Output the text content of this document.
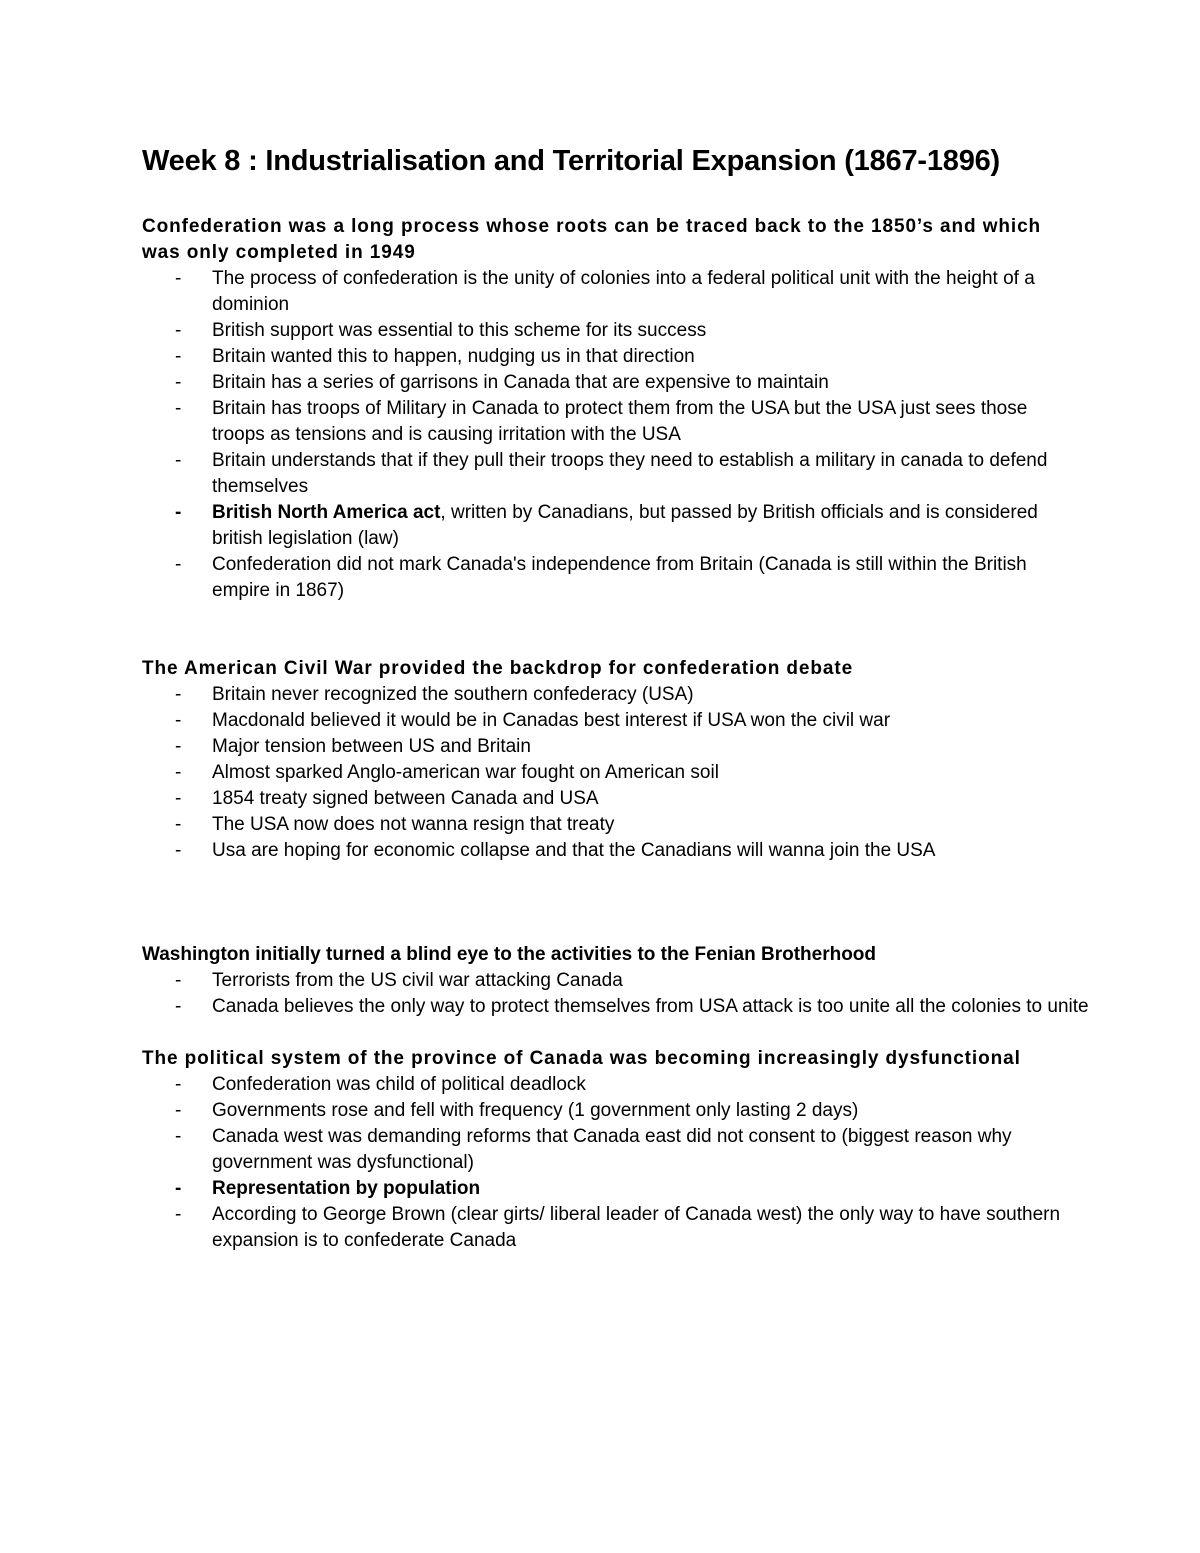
Week 8 : Industrialisation and Territorial Expansion (1867-1896)

Confederation was a long process whose roots can be traced back to the 1850’s and which was only completed in 1949

-	The process of confederation is the unity of colonies into a federal political unit with the height of a dominion
-	British support was essential to this scheme for its success
-	Britain wanted this to happen, nudging us in that direction
-	Britain has a series of garrisons in Canada that are expensive to maintain
-	Britain has troops of Military in Canada to protect them from the USA but the USA just sees those troops as tensions and is causing irritation with the USA
-	Britain understands that if they pull their troops they need to establish a military in canada to defend themselves
-	British North America act, written by Canadians, but passed by British officials and is considered british legislation (law)
-	Confederation did not mark Canada's independence from Britain (Canada is still within the British empire in 1867)

The American Civil War provided the backdrop for confederation debate

-	Britain never recognized the southern confederacy (USA)
-	Macdonald believed it would be in Canadas best interest if USA won the civil war
-	Major tension between US and Britain
-	Almost sparked Anglo-american war fought on American soil
-	1854 treaty signed between Canada and USA
-	The USA now does not wanna resign that treaty
-	Usa are hoping for economic collapse and that the Canadians will wanna join the USA

Washington initially turned a blind eye to the activities to the Fenian Brotherhood

-	Terrorists from the US civil war attacking Canada
-	Canada believes the only way to protect themselves from USA attack is too unite all the colonies to unite

The political system of the province of Canada was becoming increasingly dysfunctional

-	Confederation was child of political deadlock
-	Governments rose and fell with frequency (1 government only lasting 2 days)
-	Canada west was demanding reforms that Canada east did not consent to (biggest reason why government was dysfunctional)
-	Representation by population
-	According to George Brown (clear girts/ liberal leader of Canada west) the only way to have southern expansion is to confederate Canada
